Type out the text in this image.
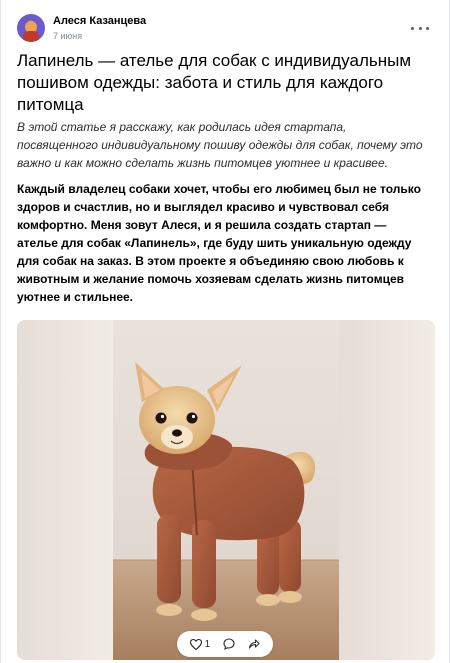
Алеся Казанцева
7 июня
Лапинель — ателье для собак с индивидуальным пошивом одежды: забота и стиль для каждого питомца

В этой статье я расскажу, как родилась идея стартапа, посвященного индивидуальному пошиву одежды для собак, почему это важно и как можно сделать жизнь питомцев уютнее и красивее.

Каждый владелец собаки хочет, чтобы его любимец был не только здоров и счастлив, но и выглядел красиво и чувствовал себя комфортно. Меня зовут Алеся, и я решила создать стартап — ателье для собак «Лапинель», где буду шить уникальную одежду для собак на заказ. В этом проекте я объединяю свою любовь к животным и желание помочь хозяевам сделать жизнь питомцев уютнее и стильнее.

1
